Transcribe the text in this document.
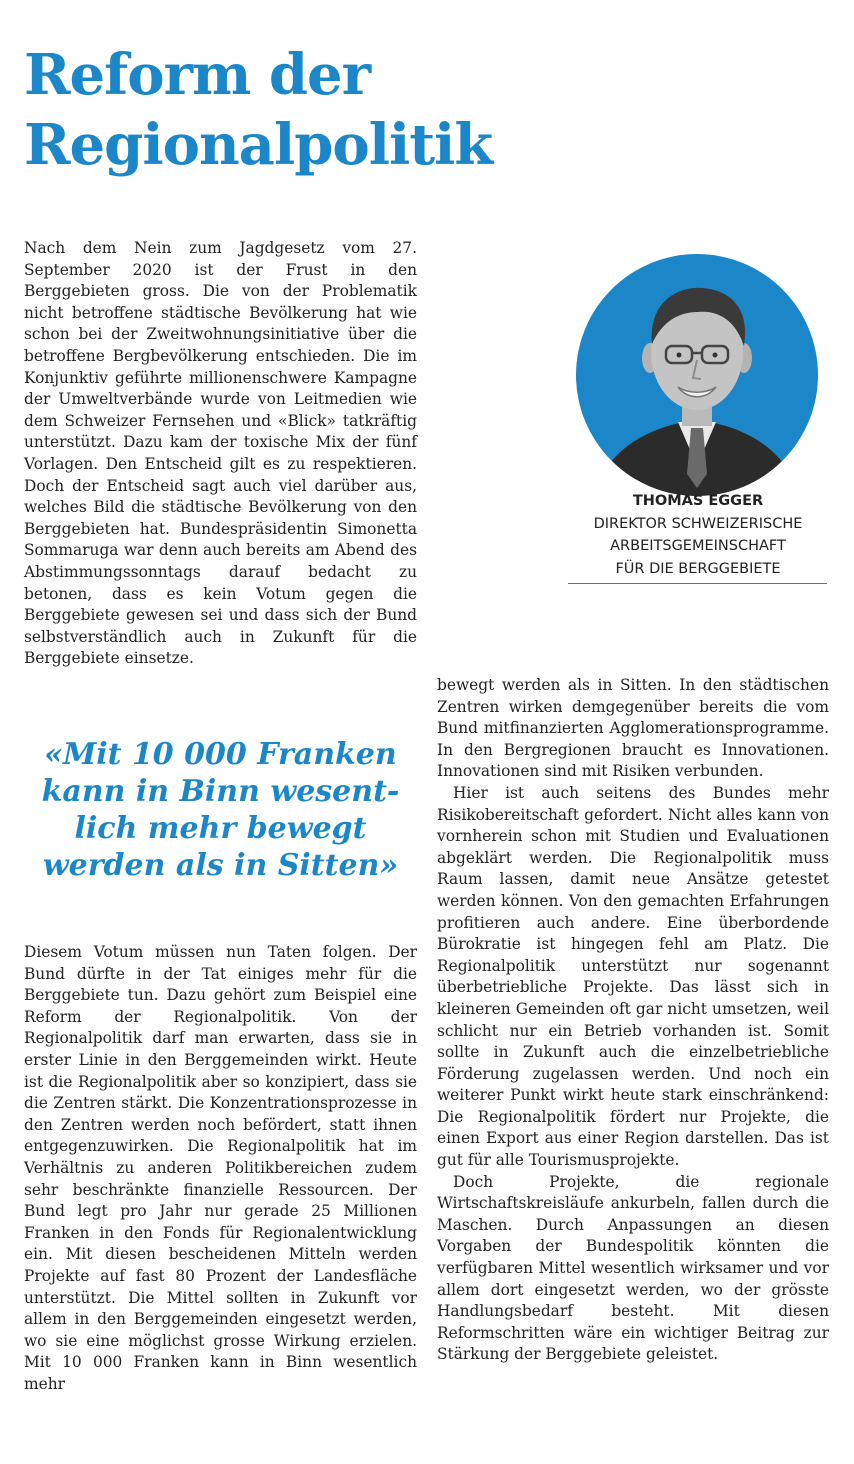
Reform der
Regionalpolitik

Nach dem Nein zum Jagdgesetz vom 27. September 2020 ist der Frust in den Berggebieten gross. Die von der Problematik nicht betroffene städtische Bevölkerung hat wie schon bei der Zweitwohnungsinitiative über die betroffene Bergbevölkerung entschieden. Die im Konjunktiv geführte millionenschwere Kampagne der Umweltverbände wurde von Leitmedien wie dem Schweizer Fernsehen und «Blick» tatkräftig unterstützt. Dazu kam der toxische Mix der fünf Vorlagen. Den Entscheid gilt es zu respektieren. Doch der Entscheid sagt auch viel darüber aus, welches Bild die städtische Bevölkerung von den Berggebieten hat. Bundespräsidentin Simonetta Sommaruga war denn auch bereits am Abend des Abstimmungssonntags darauf bedacht zu betonen, dass es kein Votum gegen die Berggebiete gewesen sei und dass sich der Bund selbstverständlich auch in Zukunft für die Berggebiete einsetze.

«Mit 10 000 Franken
kann in Binn wesent-
lich mehr bewegt
werden als in Sitten»

Diesem Votum müssen nun Taten folgen. Der Bund dürfte in der Tat einiges mehr für die Berggebiete tun. Dazu gehört zum Beispiel eine Reform der Regionalpolitik. Von der Regionalpolitik darf man erwarten, dass sie in erster Linie in den Berggemeinden wirkt. Heute ist die Regionalpolitik aber so konzipiert, dass sie die Zentren stärkt. Die Konzentrationsprozesse in den Zentren werden noch befördert, statt ihnen entgegenzuwirken. Die Regionalpolitik hat im Verhältnis zu anderen Politikbereichen zudem sehr beschränkte finanzielle Ressourcen. Der Bund legt pro Jahr nur gerade 25 Millionen Franken in den Fonds für Regionalentwicklung ein. Mit diesen bescheidenen Mitteln werden Projekte auf fast 80 Prozent der Landesfläche unterstützt. Die Mittel sollten in Zukunft vor allem in den Berggemeinden eingesetzt werden, wo sie eine möglichst grosse Wirkung erzielen. Mit 10 000 Franken kann in Binn wesentlich mehr

bewegt werden als in Sitten. In den städtischen Zentren wirken demgegenüber bereits die vom Bund mitfinanzierten Agglomerationsprogramme. In den Bergregionen braucht es Innovationen. Innovationen sind mit Risiken verbunden.

Hier ist auch seitens des Bundes mehr Risikobereitschaft gefordert. Nicht alles kann von vornherein schon mit Studien und Evaluationen abgeklärt werden. Die Regionalpolitik muss Raum lassen, damit neue Ansätze getestet werden können. Von den gemachten Erfahrungen profitieren auch andere. Eine überbordende Bürokratie ist hingegen fehl am Platz. Die Regionalpolitik unterstützt nur sogenannt überbetriebliche Projekte. Das lässt sich in kleineren Gemeinden oft gar nicht umsetzen, weil schlicht nur ein Betrieb vorhanden ist. Somit sollte in Zukunft auch die einzelbetriebliche Förderung zugelassen werden. Und noch ein weiterer Punkt wirkt heute stark einschränkend: Die Regionalpolitik fördert nur Projekte, die einen Export aus einer Region darstellen. Das ist gut für alle Tourismusprojekte.

Doch Projekte, die regionale Wirtschaftskreisläufe ankurbeln, fallen durch die Maschen. Durch Anpassungen an diesen Vorgaben der Bundespolitik könnten die verfügbaren Mittel wesentlich wirksamer und vor allem dort eingesetzt werden, wo der grösste Handlungsbedarf besteht. Mit diesen Reformschritten wäre ein wichtiger Beitrag zur Stärkung der Berggebiete geleistet.

THOMAS EGGER
DIREKTOR SCHWEIZERISCHE
ARBEITSGEMEINSCHAFT
FÜR DIE BERGGEBIETE
